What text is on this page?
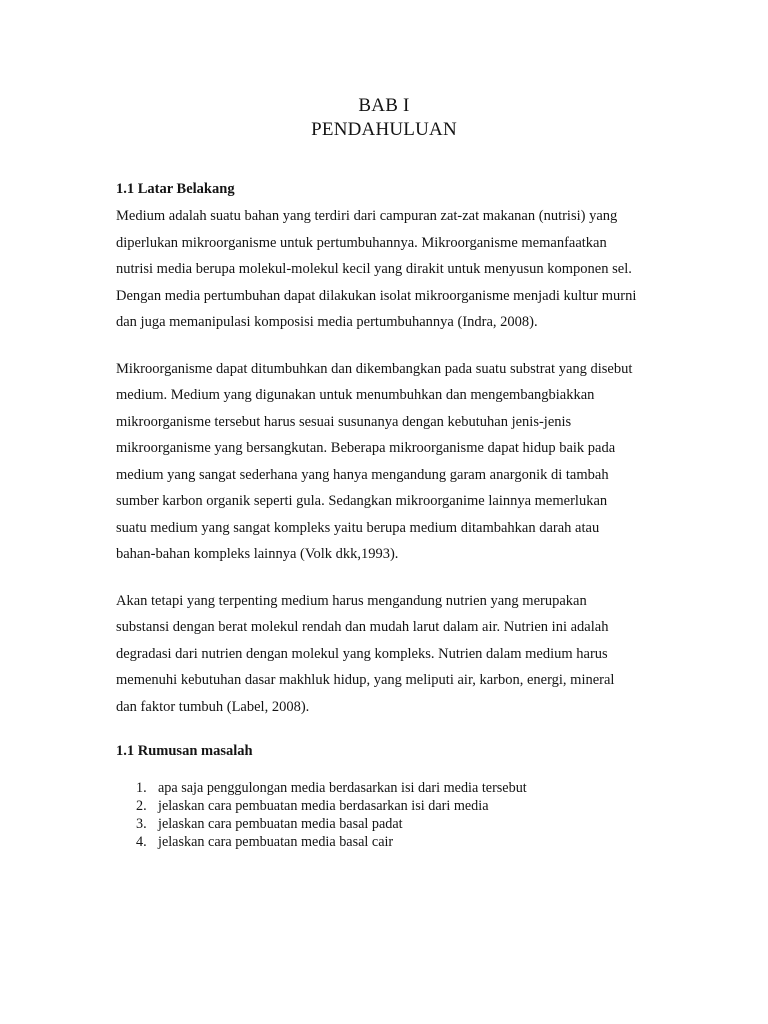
BAB I
PENDAHULUAN
1.1 Latar Belakang
Medium adalah suatu bahan yang terdiri dari campuran zat-zat makanan (nutrisi) yang
diperlukan mikroorganisme untuk pertumbuhannya. Mikroorganisme memanfaatkan
nutrisi media berupa molekul-molekul kecil yang dirakit untuk menyusun komponen sel.
Dengan media pertumbuhan dapat dilakukan isolat mikroorganisme menjadi kultur murni
dan juga memanipulasi komposisi media pertumbuhannya (Indra, 2008).
Mikroorganisme dapat ditumbuhkan dan dikembangkan pada suatu substrat yang disebut
medium. Medium yang digunakan untuk menumbuhkan dan mengembangbiakkan
mikroorganisme tersebut harus sesuai susunanya dengan kebutuhan jenis-jenis
mikroorganisme yang bersangkutan. Beberapa mikroorganisme dapat hidup baik pada
medium yang sangat sederhana yang hanya mengandung garam anargonik di tambah
sumber karbon organik seperti gula. Sedangkan mikroorganime lainnya memerlukan
suatu medium yang sangat kompleks yaitu berupa medium ditambahkan darah atau
bahan-bahan kompleks lainnya (Volk dkk,1993).
Akan tetapi yang terpenting medium harus mengandung nutrien yang merupakan
substansi dengan berat molekul rendah dan mudah larut dalam air. Nutrien ini adalah
degradasi dari nutrien dengan molekul yang kompleks. Nutrien dalam medium harus
memenuhi kebutuhan dasar makhluk hidup, yang meliputi air, karbon, energi, mineral
dan faktor tumbuh (Label, 2008).
1.1 Rumusan masalah
1. apa saja penggulongan media berdasarkan isi dari media tersebut
2. jelaskan cara pembuatan media berdasarkan isi dari media
3. jelaskan cara pembuatan media basal padat
4. jelaskan cara pembuatan media basal cair
